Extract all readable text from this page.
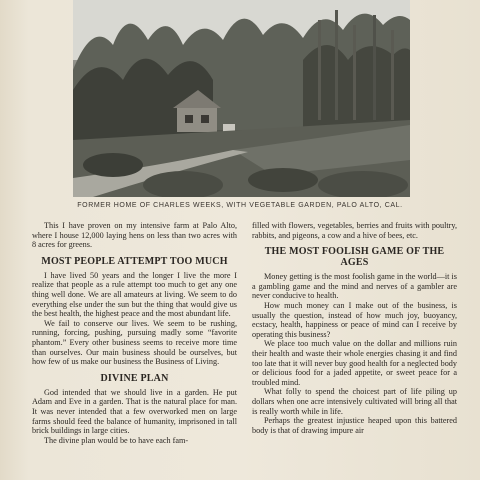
FORMER HOME OF CHARLES WEEKS, WITH VEGETABLE GARDEN, PALO ALTO, CAL.

This I have proven on my intensive farm at Palo Alto, where I house 12,000 laying hens on less than two acres with 8 acres for greens.

MOST PEOPLE ATTEMPT TOO MUCH

I have lived 50 years and the longer I live the more I realize that people as a rule attempt too much to get any one thing well done. We are all amateurs at living. We seem to do everything else under the sun but the thing that would give us the best health, the highest peace and the most abundant life.

We fail to conserve our lives. We seem to be rushing, running, forcing, pushing, pursuing madly some “favorite phantom.” Every other business seems to receive more time than ourselves. Our main business should be ourselves, but how few of us make our business the Business of Living.

DIVINE PLAN

God intended that we should live in a garden. He put Adam and Eve in a garden. That is the natural place for man. It was never intended that a few overworked men on large farms should feed the balance of humanity, imprisoned in tall brick buildings in large cities.

The divine plan would be to have each fam-

filled with flowers, vegetables, berries and fruits with poultry, rabbits, and pigeons, a cow and a hive of bees, etc.

THE MOST FOOLISH GAME OF THE AGES

Money getting is the most foolish game in the world—it is a gambling game and the mind and nerves of a gambler are never conducive to health.

How much money can I make out of the business, is usually the question, instead of how much joy, buoyancy, ecstacy, health, happiness or peace of mind can I receive by operating this business?

We place too much value on the dollar and millions ruin their health and waste their whole energies chasing it and find too late that it will never buy good health for a neglected body or delicious food for a jaded appetite, or sweet peace for a troubled mind.

What folly to spend the choicest part of life piling up dollars when one acre intensively cultivated will bring all that is really worth while in life.

Perhaps the greatest injustice heaped upon this battered body is that of drawing impure air
